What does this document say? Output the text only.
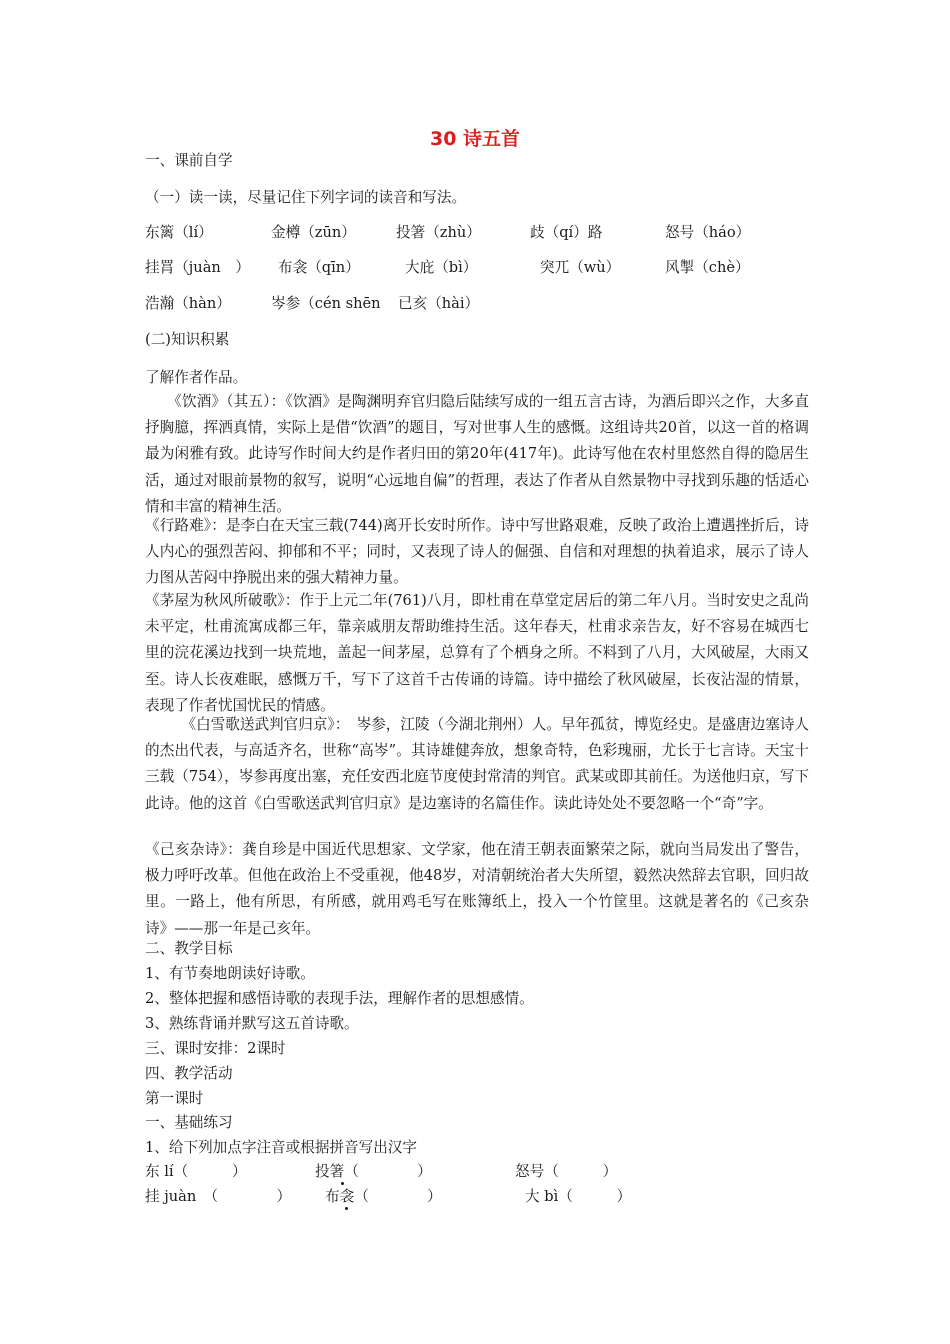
30 诗五首
一、课前自学
（一）读一读，尽量记住下列字词的读音和写法。
东篱（lí）	金樽（zūn）	投箸（zhù）	歧（qí）路	怒号（háo）
挂罥（juàn　） 布衾（qīn）	大庇（bì）	突兀（wù）	风掣（chè）
浩瀚（hàn）	岑参（cén shēn 已亥（hài）
(二)知识积累
了解作者作品。
　　《饮酒》（其五）：《饮酒》是陶渊明弃官归隐后陆续写成的一组五言古诗，为酒后即兴之作，大多直抒胸臆，挥洒真情，实际上是借“饮酒”的题目，写对世事人生的感慨。这组诗共20首，以这一首的格调最为闲雅有致。此诗写作时间大约是作者归田的第20年(417年)。此诗写他在农村里悠然自得的隐居生活，通过对眼前景物的叙写，说明“心远地自偏”的哲理，表达了作者从自然景物中寻找到乐趣的恬适心情和丰富的精神生活。
《行路难》：是李白在天宝三载(744)离开长安时所作。诗中写世路艰难，反映了政治上遭遇挫折后，诗人内心的强烈苦闷、抑郁和不平；同时，又表现了诗人的倔强、自信和对理想的执着追求，展示了诗人力图从苦闷中挣脱出来的强大精神力量。
《茅屋为秋风所破歌》：作于上元二年(761)八月，即杜甫在草堂定居后的第二年八月。当时安史之乱尚未平定，杜甫流寓成都三年，靠亲戚朋友帮助维持生活。这年春天，杜甫求亲告友，好不容易在城西七里的浣花溪边找到一块荒地，盖起一间茅屋，总算有了个栖身之所。不料到了八月，大风破屋，大雨又至。诗人长夜难眠，感慨万千，写下了这首千古传诵的诗篇。诗中描绘了秋风破屋，长夜沾湿的情景，表现了作者忧国忧民的情感。
　　　《白雪歌送武判官归京》：　岑参，江陵（今湖北荆州）人。早年孤贫，博览经史。是盛唐边塞诗人的杰出代表，与高适齐名，世称“高岑”。其诗雄健奔放，想象奇特，色彩瑰丽，尤长于七言诗。天宝十三载（754），岑参再度出塞，充任安西北庭节度使封常清的判官。武某或即其前任。为送他归京，写下此诗。他的这首《白雪歌送武判官归京》是边塞诗的名篇佳作。读此诗处处不要忽略一个“奇”字。
《己亥杂诗》：龚自珍是中国近代思想家、文学家，他在清王朝表面繁荣之际，就向当局发出了警告，极力呼吁改革。但他在政治上不受重视，他48岁，对清朝统治者大失所望，毅然决然辞去官职，回归故里。一路上，他有所思，有所感，就用鸡毛写在账簿纸上，投入一个竹筐里。这就是著名的《己亥杂诗》——那一年是己亥年。
二、教学目标
1、有节奏地朗读好诗歌。
2、整体把握和感悟诗歌的表现手法，理解作者的思想感情。
3、熟练背诵并默写这五首诗歌。
三、课时安排：2课时
四、教学活动
第一课时
一、基础练习
1、给下列加点字注音或根据拼音写出汉字
东 lí（　　　）	投箸（　　　　）	怒号（　　　）
挂 juàn　（　　　　） 布衾（　　　　）	大 bì（　　　）
